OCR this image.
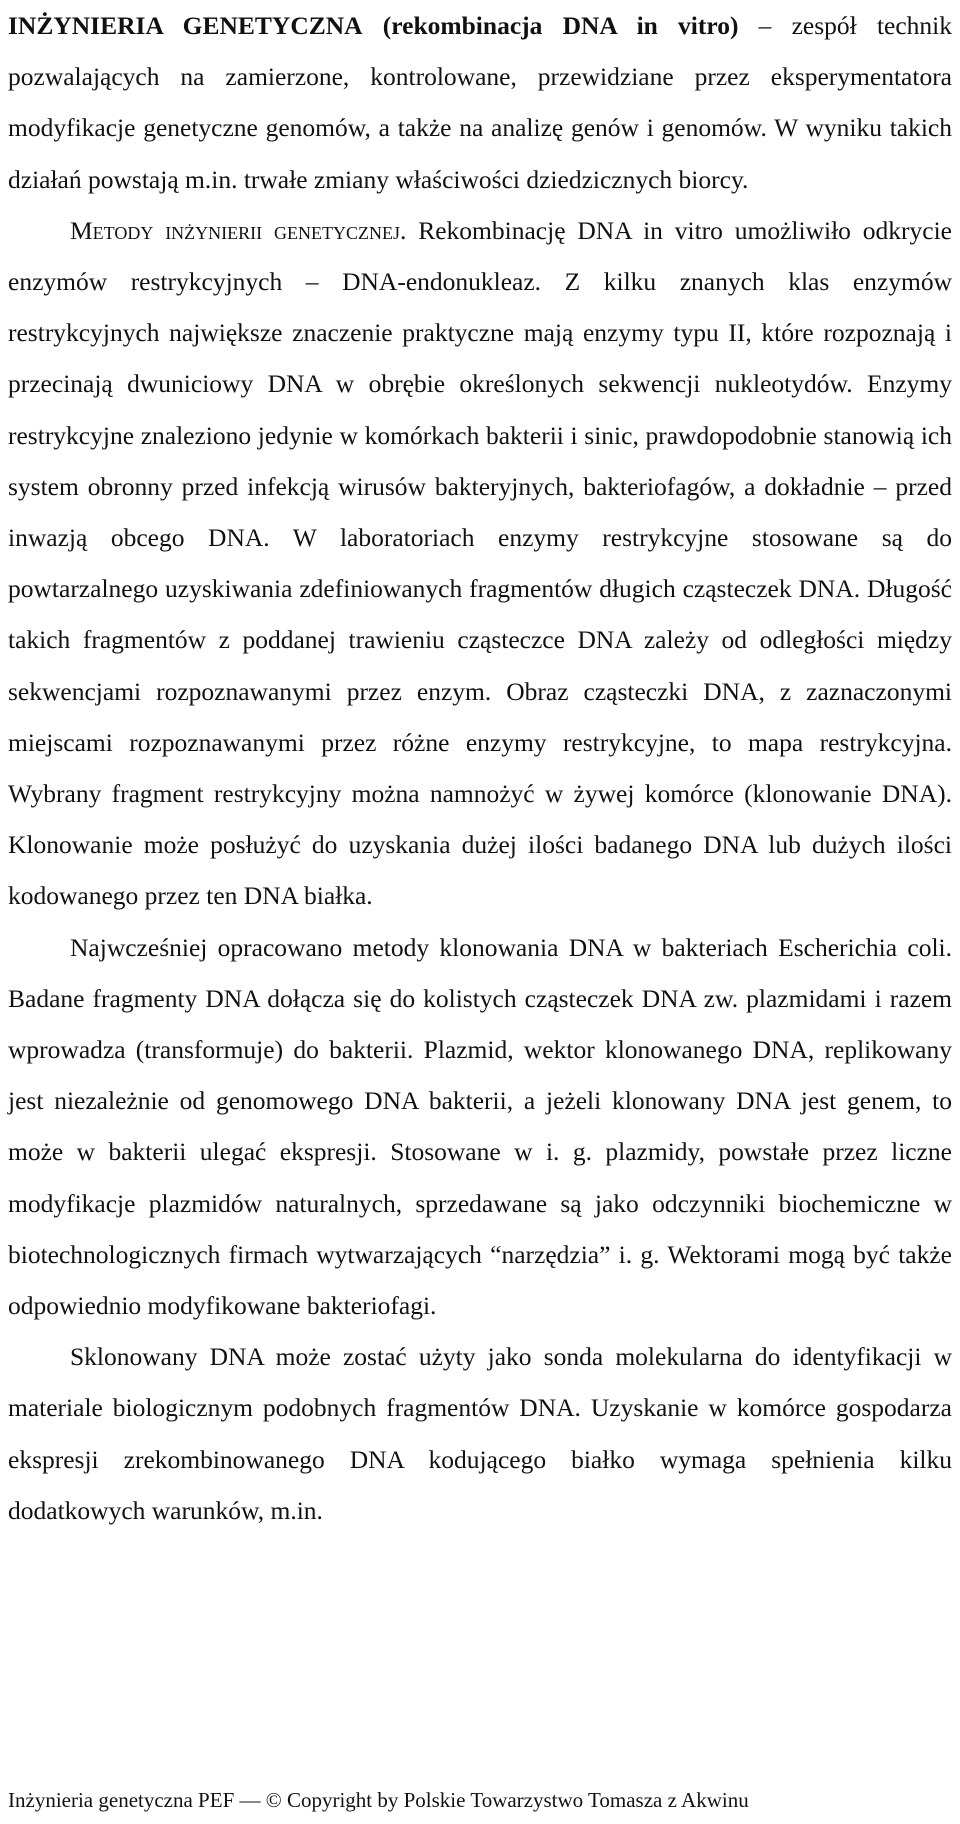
INŻYNIERIA GENETYCZNA (rekombinacja DNA in vitro) – zespół technik pozwalających na zamierzone, kontrolowane, przewidziane przez eksperymentatora modyfikacje genetyczne genomów, a także na analizę genów i genomów. W wyniku takich działań powstają m.in. trwałe zmiany właściwości dziedzicznych biorcy.

Metody inżynierii genetycznej. Rekombinację DNA in vitro umożliwiło odkrycie enzymów restrykcyjnych – DNA-endonukleaz. Z kilku znanych klas enzymów restrykcyjnych największe znaczenie praktyczne mają enzymy typu II, które rozpoznają i przecinają dwuniciowy DNA w obrębie określonych sekwencji nukleotydów. Enzymy restrykcyjne znaleziono jedynie w komórkach bakterii i sinic, prawdopodobnie stanowią ich system obronny przed infekcją wirusów bakteryjnych, bakteriofagów, a dokładnie – przed inwazją obcego DNA. W laboratoriach enzymy restrykcyjne stosowane są do powtarzalnego uzyskiwania zdefiniowanych fragmentów długich cząsteczek DNA. Długość takich fragmentów z poddanej trawieniu cząsteczce DNA zależy od odległości między sekwencjami rozpoznawanymi przez enzym. Obraz cząsteczki DNA, z zaznaczonymi miejscami rozpoznawanymi przez różne enzymy restrykcyjne, to mapa restrykcyjna. Wybrany fragment restrykcyjny można namnożyć w żywej komórce (klonowanie DNA). Klonowanie może posłużyć do uzyskania dużej ilości badanego DNA lub dużych ilości kodowanego przez ten DNA białka.

Najwcześniej opracowano metody klonowania DNA w bakteriach Escherichia coli. Badane fragmenty DNA dołącza się do kolistych cząsteczek DNA zw. plazmidami i razem wprowadza (transformuje) do bakterii. Plazmid, wektor klonowanego DNA, replikowany jest niezależnie od genomowego DNA bakterii, a jeżeli klonowany DNA jest genem, to może w bakterii ulegać ekspresji. Stosowane w i. g. plazmidy, powstałe przez liczne modyfikacje plazmidów naturalnych, sprzedawane są jako odczynniki biochemiczne w biotechnologicznych firmach wytwarzających “narzędzia” i. g. Wektorami mogą być także odpowiednio modyfikowane bakteriofagi.

Sklonowany DNA może zostać użyty jako sonda molekularna do identyfikacji w materiale biologicznym podobnych fragmentów DNA. Uzyskanie w komórce gospodarza ekspresji zrekombinowanego DNA kodującego białko wymaga spełnienia kilku dodatkowych warunków, m.in.

Inżynieria genetyczna PEF — © Copyright by Polskie Towarzystwo Tomasza z Akwinu
